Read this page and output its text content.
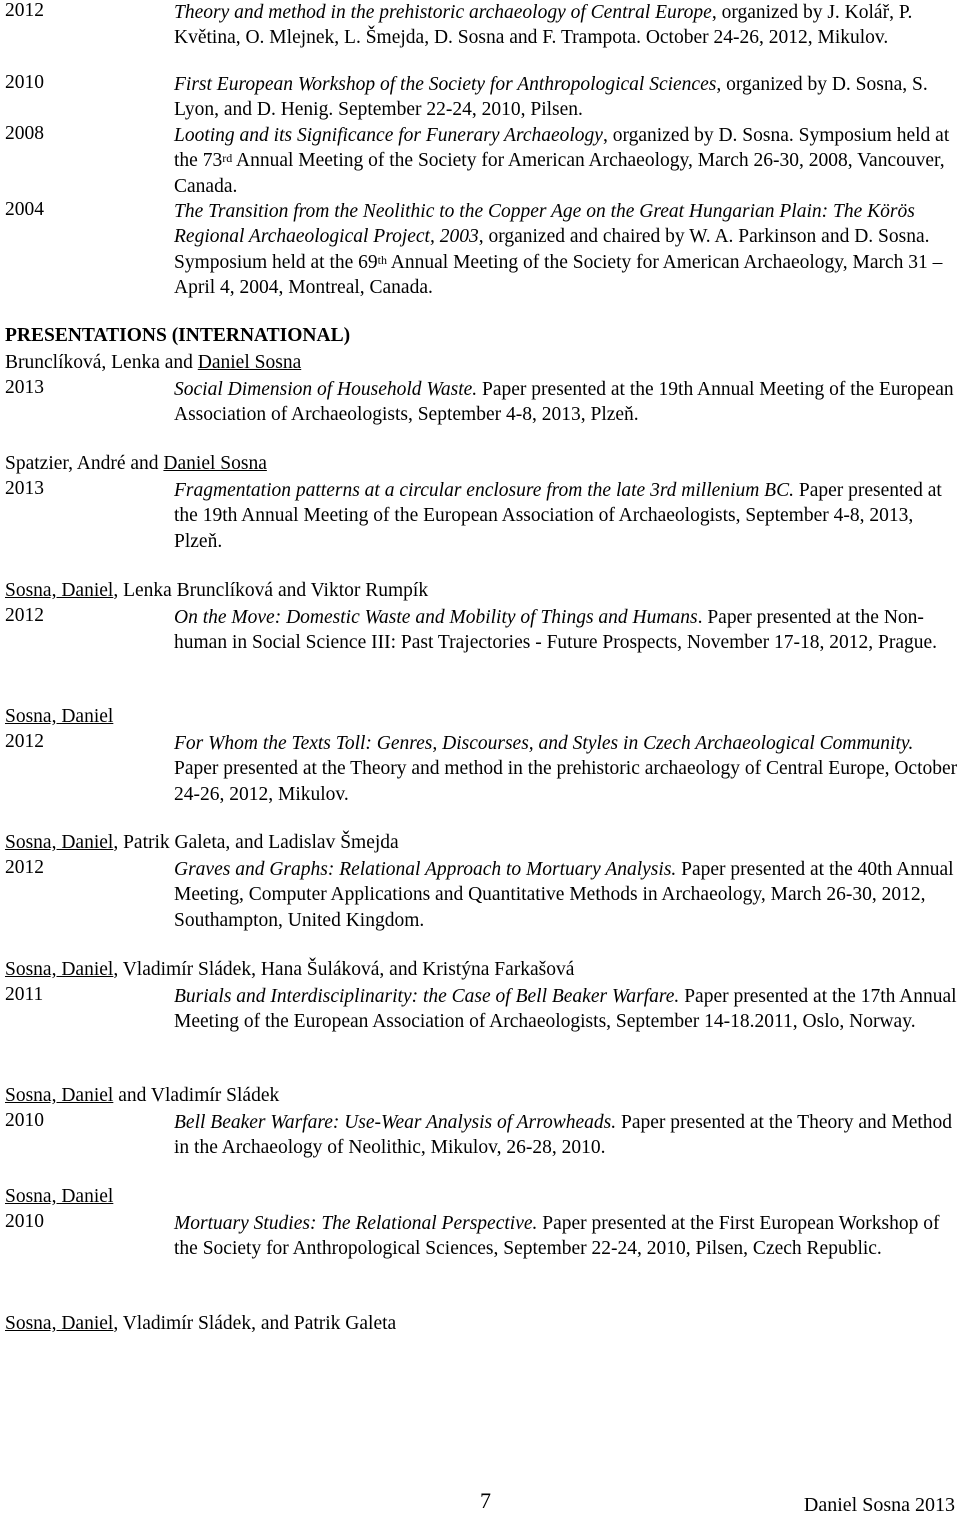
2012	Theory and method in the prehistoric archaeology of Central Europe, organized by J. Kolář, P. Květina, O. Mlejnek, L. Šmejda, D. Sosna and F. Trampota. October 24-26, 2012, Mikulov.
2010	First European Workshop of the Society for Anthropological Sciences, organized by D. Sosna, S. Lyon, and D. Henig. September 22-24, 2010, Pilsen.
2008	Looting and its Significance for Funerary Archaeology, organized by D. Sosna. Symposium held at the 73rd Annual Meeting of the Society for American Archaeology, March 26-30, 2008, Vancouver, Canada.
2004	The Transition from the Neolithic to the Copper Age on the Great Hungarian Plain: The Körös Regional Archaeological Project, 2003, organized and chaired by W. A. Parkinson and D. Sosna. Symposium held at the 69th Annual Meeting of the Society for American Archaeology, March 31 – April 4, 2004, Montreal, Canada.
PRESENTATIONS (INTERNATIONAL)
Brunclíková, Lenka and Daniel Sosna
2013	Social Dimension of Household Waste. Paper presented at the 19th Annual Meeting of the European Association of Archaeologists, September 4-8, 2013, Plzeň.
Spatzier, André and Daniel Sosna
2013	Fragmentation patterns at a circular enclosure from the late 3rd millenium BC. Paper presented at the 19th Annual Meeting of the European Association of Archaeologists, September 4-8, 2013, Plzeň.
Sosna, Daniel, Lenka Brunclíková and Viktor Rumpík
2012	On the Move: Domestic Waste and Mobility of Things and Humans. Paper presented at the Non-human in Social Science III: Past Trajectories - Future Prospects, November 17-18, 2012, Prague.
Sosna, Daniel
2012	For Whom the Texts Toll: Genres, Discourses, and Styles in Czech Archaeological Community. Paper presented at the Theory and method in the prehistoric archaeology of Central Europe, October 24-26, 2012, Mikulov.
Sosna, Daniel, Patrik Galeta, and Ladislav Šmejda
2012	Graves and Graphs: Relational Approach to Mortuary Analysis. Paper presented at the 40th Annual Meeting, Computer Applications and Quantitative Methods in Archaeology, March 26-30, 2012, Southampton, United Kingdom.
Sosna, Daniel, Vladimír Sládek, Hana Šuláková, and Kristýna Farkašová
2011	Burials and Interdisciplinarity: the Case of Bell Beaker Warfare. Paper presented at the 17th Annual Meeting of the European Association of Archaeologists, September 14-18.2011, Oslo, Norway.
Sosna, Daniel and Vladimír Sládek
2010	Bell Beaker Warfare: Use-Wear Analysis of Arrowheads. Paper presented at the Theory and Method in the Archaeology of Neolithic, Mikulov, 26-28, 2010.
Sosna, Daniel
2010	Mortuary Studies: The Relational Perspective. Paper presented at the First European Workshop of the Society for Anthropological Sciences, September 22-24, 2010, Pilsen, Czech Republic.
Sosna, Daniel, Vladimír Sládek, and Patrik Galeta
7	Daniel Sosna 2013
